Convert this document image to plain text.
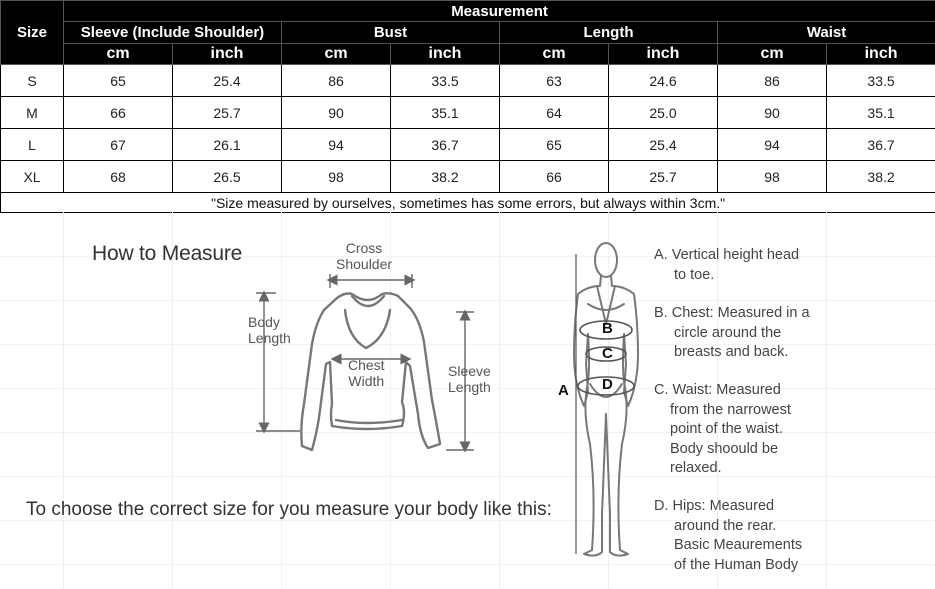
Size	Measurement							
	Sleeve (Include Shoulder)		Bust		Length		Waist	
	cm	inch	cm	inch	cm	inch	cm	inch
S	65	25.4	86	33.5	63	24.6	86	33.5
M	66	25.7	90	35.1	64	25.0	90	35.1
L	67	26.1	94	36.7	65	25.4	94	36.7
XL	68	26.5	98	38.2	66	25.7	98	38.2
"Size measured by ourselves, sometimes has some errors, but always within 3cm."								
How to Measure	Cross
Shoulder
Body
Length
Chest
Width
Sleeve
Length
B
C
D
A
A. Vertical height head
to toe.
B. Chest: Measured in a
circle around the
breasts and back.
C. Waist: Measured
from the narrowest
point of the waist.
Body shoould be
relaxed.
D. Hips: Measured
around the rear.
Basic Meaurements
of the Human Body
To choose the correct size for you measure your body like this:
